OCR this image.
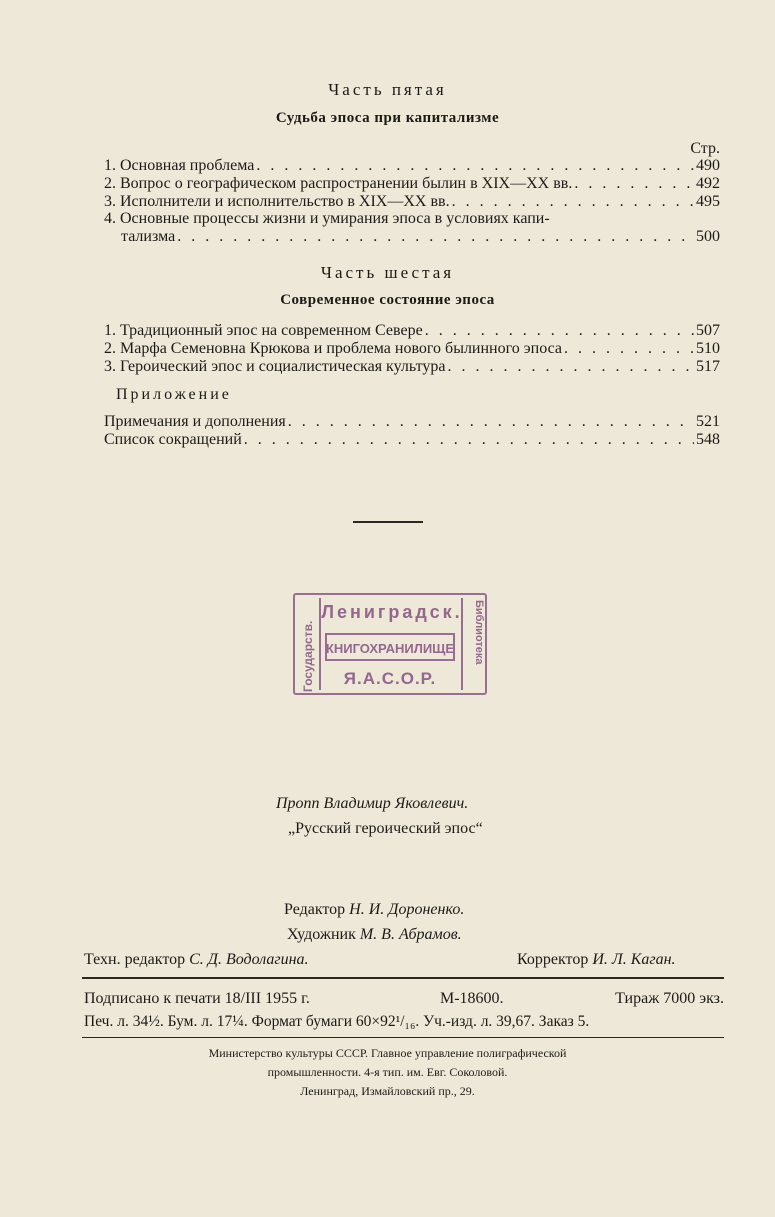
Часть пятая
Судьба эпоса при капитализме
Стр.
1. Основная проблема . . .	490
2. Вопрос о географическом распространении былин в XIX—XX вв. . . .	492
3. Исполнители и исполнительство в XIX—XX вв. . . .	495
4. Основные процессы жизни и умирания эпоса в условиях капи-
тализма . . .	500
Часть шестая
Современное состояние эпоса
1. Традиционный эпос на современном Севере . . .	507
2. Марфа Семеновна Крюкова и проблема нового былинного эпоса . . .	510
3. Героический эпос и социалистическая культура . . .	517
Приложение
Примечания и дополнения . . .	521
Список сокращений . . .	548
Лениградск.
КНИГОХРАНИЛИЩЕ
Я.А.С.О.Р.
Государств.	Библиотека
Пропп Владимир Яковлевич.
„Русский героический эпос“
Редактор Н. И. Дороненко.
Художник М. В. Абрамов.
Техн. редактор С. Д. Водолагина.	Корректор И. Л. Каган.
Подписано к печати 18/III 1955 г.	М-18600.	Тираж 7000 экз.
Печ. л. 34½. Бум. л. 17¼. Формат бумаги 60×92¹/₁₆. Уч.-изд. л. 39,67. Заказ 5.
Министерство культуры СССР. Главное управление полиграфической
промышленности. 4-я тип. им. Евг. Соколовой.
Ленинград, Измайловский пр., 29.
